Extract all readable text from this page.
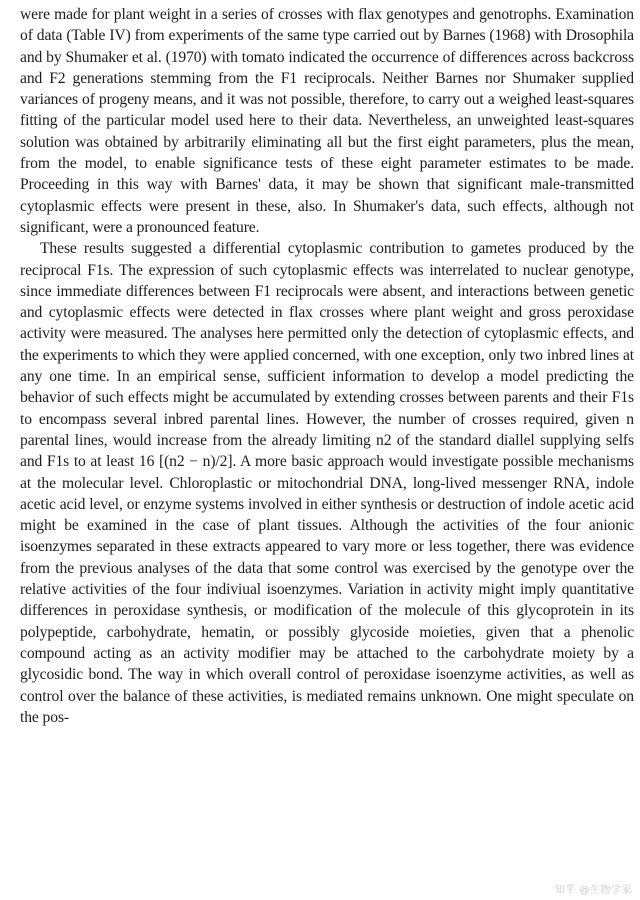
were made for plant weight in a series of crosses with flax genotypes and genotrophs. Examination of data (Table IV) from experiments of the same type carried out by Barnes (1968) with Drosophila and by Shumaker et al. (1970) with tomato indicated the occurrence of differences across backcross and F2 generations stemming from the F1 reciprocals. Neither Barnes nor Shumaker supplied variances of progeny means, and it was not possible, therefore, to carry out a weighed least-squares fitting of the particular model used here to their data. Nevertheless, an unweighted least-squares solution was obtained by arbitrarily eliminating all but the first eight parameters, plus the mean, from the model, to enable significance tests of these eight parameter estimates to be made. Proceeding in this way with Barnes' data, it may be shown that significant male-transmitted cytoplasmic effects were present in these, also. In Shumaker's data, such effects, although not significant, were a pronounced feature.

These results suggested a differential cytoplasmic contribution to gametes produced by the reciprocal F1s. The expression of such cytoplasmic effects was interrelated to nuclear genotype, since immediate differences between F1 reciprocals were absent, and interactions between genetic and cytoplasmic effects were detected in flax crosses where plant weight and gross peroxidase activity were measured. The analyses here permitted only the detection of cytoplasmic effects, and the experiments to which they were applied concerned, with one exception, only two inbred lines at any one time. In an empirical sense, sufficient information to develop a model predicting the behavior of such effects might be accumulated by extending crosses between parents and their F1s to encompass several inbred parental lines. However, the number of crosses required, given n parental lines, would increase from the already limiting n2 of the standard diallel supplying selfs and F1s to at least 16 [(n2 − n)/2]. A more basic approach would investigate possible mechanisms at the molecular level. Chloroplastic or mitochondrial DNA, long-lived messenger RNA, indole acetic acid level, or enzyme systems involved in either synthesis or destruction of indole acetic acid might be examined in the case of plant tissues. Although the activities of the four anionic isoenzymes separated in these extracts appeared to vary more or less together, there was evidence from the previous analyses of the data that some control was exercised by the genotype over the relative activities of the four indiviual isoenzymes. Variation in activity might imply quantitative differences in peroxidase synthesis, or modification of the molecule of this glycoprotein in its polypeptide, carbohydrate, hematin, or possibly glycoside moieties, given that a phenolic compound acting as an activity modifier may be attached to the carbohydrate moiety by a glycosidic bond. The way in which overall control of peroxidase isoenzyme activities, as well as control over the balance of these activities, is mediated remains unknown. One might speculate on the pos-

知乎 @生物学家
